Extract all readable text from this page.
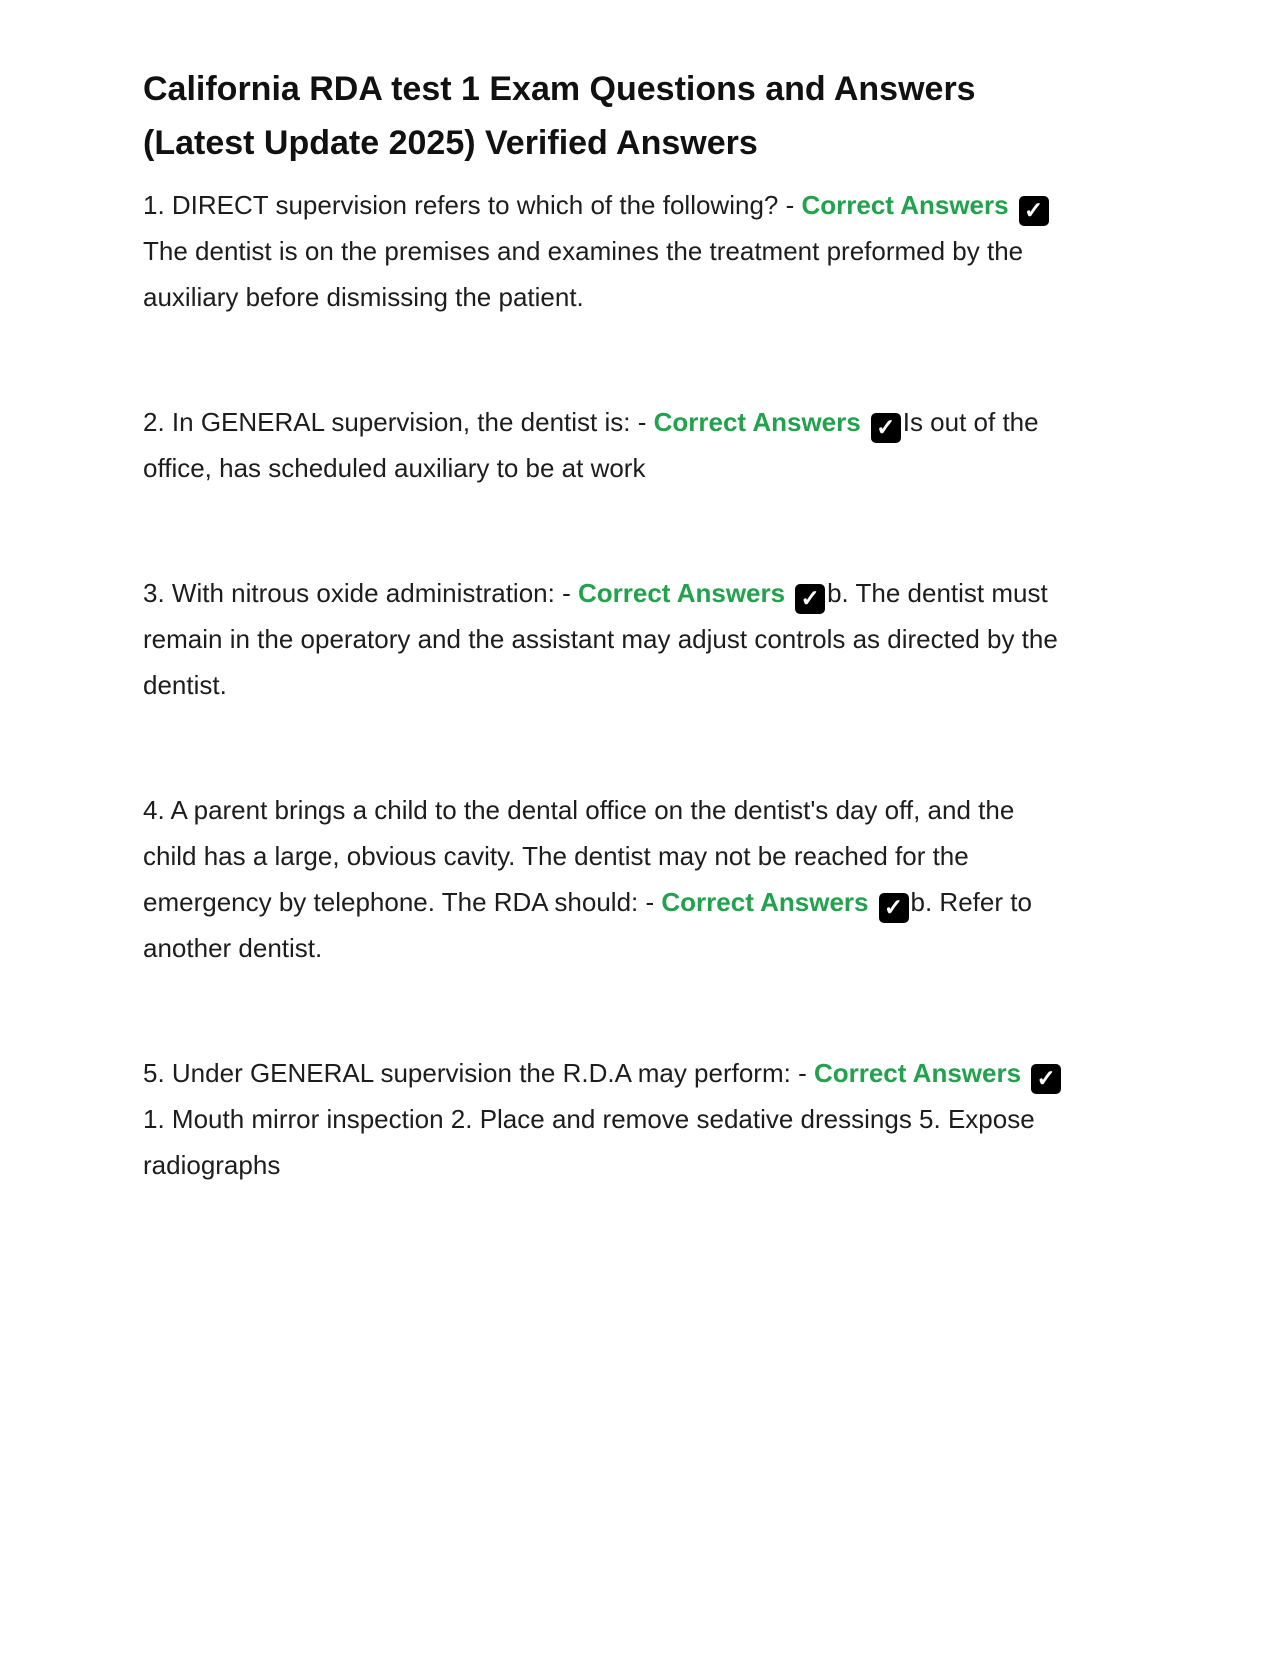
California RDA test 1 Exam Questions and Answers (Latest Update 2025) Verified Answers

1. DIRECT supervision refers to which of the following? - Correct Answers ✓
The dentist is on the premises and examines the treatment preformed by the auxiliary before dismissing the patient.

2. In GENERAL supervision, the dentist is: - Correct Answers ✓ Is out of the office, has scheduled auxiliary to be at work

3. With nitrous oxide administration: - Correct Answers ✓ b. The dentist must remain in the operatory and the assistant may adjust controls as directed by the dentist.

4. A parent brings a child to the dental office on the dentist's day off, and the child has a large, obvious cavity. The dentist may not be reached for the emergency by telephone. The RDA should: - Correct Answers ✓ b. Refer to another dentist.

5. Under GENERAL supervision the R.D.A may perform: - Correct Answers ✓
1. Mouth mirror inspection 2. Place and remove sedative dressings 5. Expose radiographs
